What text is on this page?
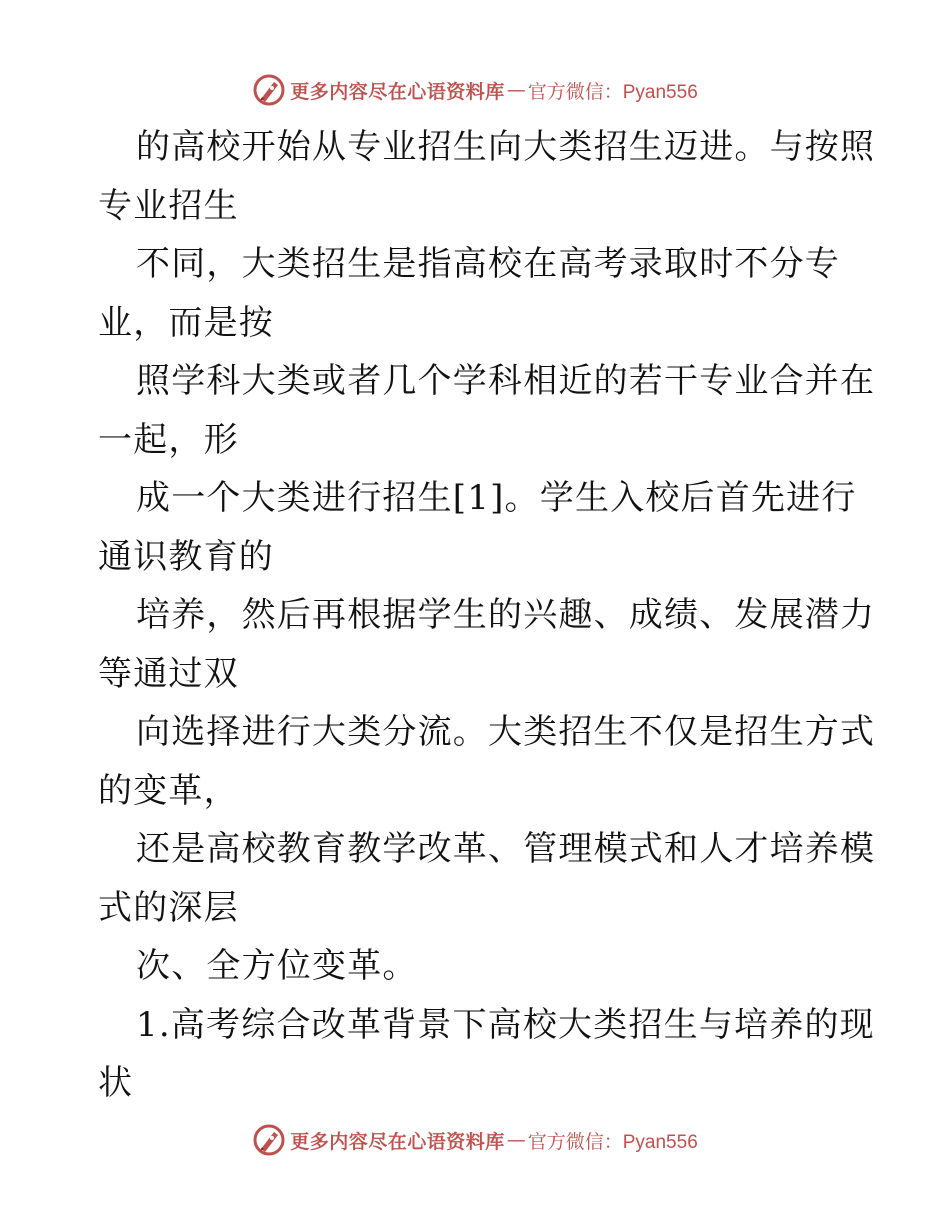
更多内容尽在心语资料库 — 官方微信：Pyan556
的高校开始从专业招生向大类招生迈进。与按照
专业招生
不同，大类招生是指高校在高考录取时不分专
业，而是按
照学科大类或者几个学科相近的若干专业合并在
一起，形
成一个大类进行招生[1]。学生入校后首先进行
通识教育的
培养，然后再根据学生的兴趣、成绩、发展潜力
等通过双
向选择进行大类分流。大类招生不仅是招生方式
的变革，
还是高校教育教学改革、管理模式和人才培养模
式的深层
次、全方位变革。
1.高考综合改革背景下高校大类招生与培养的现
状
更多内容尽在心语资料库 — 官方微信：Pyan556
